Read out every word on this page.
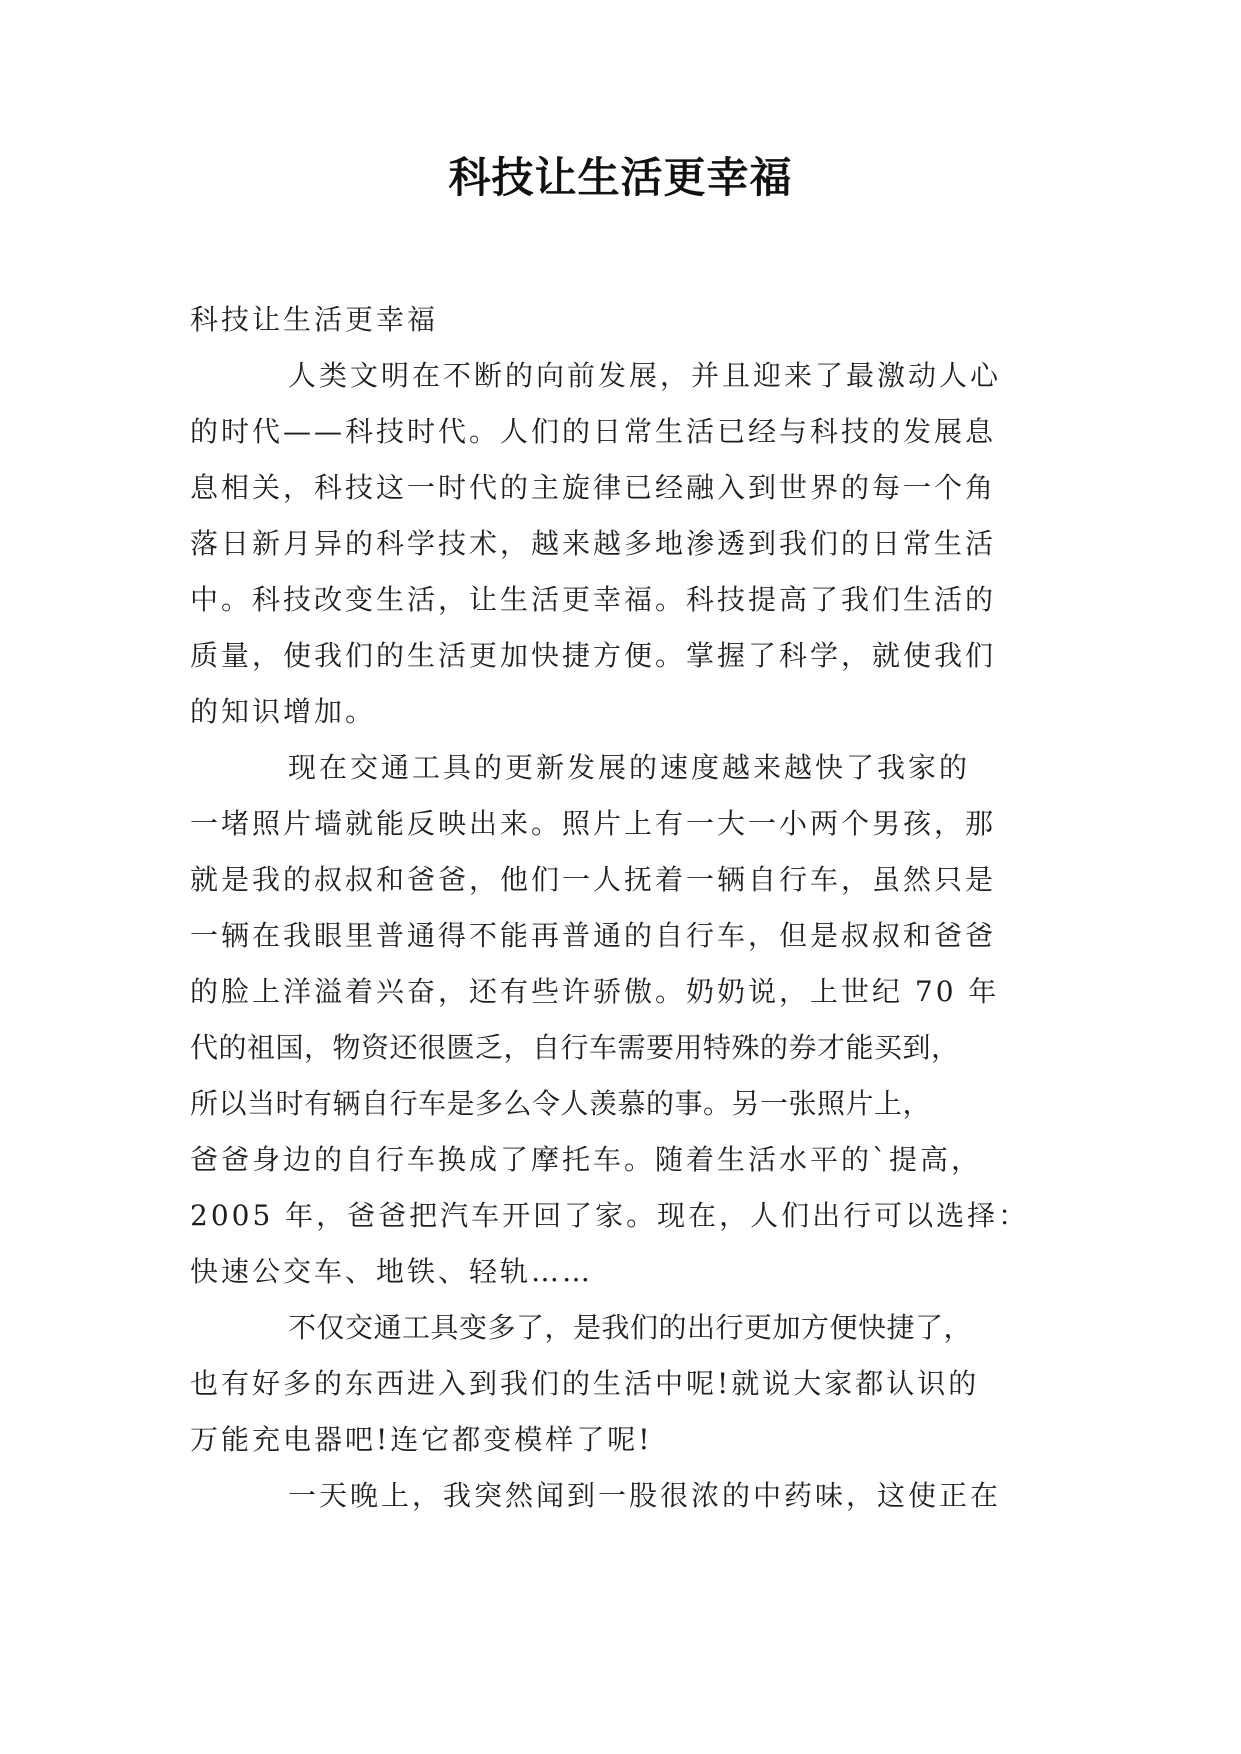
科技让生活更幸福
科技让生活更幸福
人类文明在不断的向前发展，并且迎来了最激动人心
的时代——科技时代。人们的日常生活已经与科技的发展息
息相关，科技这一时代的主旋律已经融入到世界的每一个角
落日新月异的科学技术，越来越多地渗透到我们的日常生活
中。科技改变生活，让生活更幸福。科技提高了我们生活的
质量，使我们的生活更加快捷方便。掌握了科学，就使我们
的知识增加。
现在交通工具的更新发展的速度越来越快了我家的
一堵照片墙就能反映出来。照片上有一大一小两个男孩，那
就是我的叔叔和爸爸，他们一人抚着一辆自行车，虽然只是
一辆在我眼里普通得不能再普通的自行车，但是叔叔和爸爸
的脸上洋溢着兴奋，还有些许骄傲。奶奶说，上世纪 70 年
代的祖国，物资还很匮乏，自行车需要用特殊的券才能买到，
所以当时有辆自行车是多么令人羡慕的事。另一张照片上，
爸爸身边的自行车换成了摩托车。随着生活水平的`提高，
2005 年，爸爸把汽车开回了家。现在，人们出行可以选择：
快速公交车、地铁、轻轨……
不仅交通工具变多了，是我们的出行更加方便快捷了，
也有好多的东西进入到我们的生活中呢!就说大家都认识的
万能充电器吧!连它都变模样了呢!
一天晚上，我突然闻到一股很浓的中药味，这使正在
